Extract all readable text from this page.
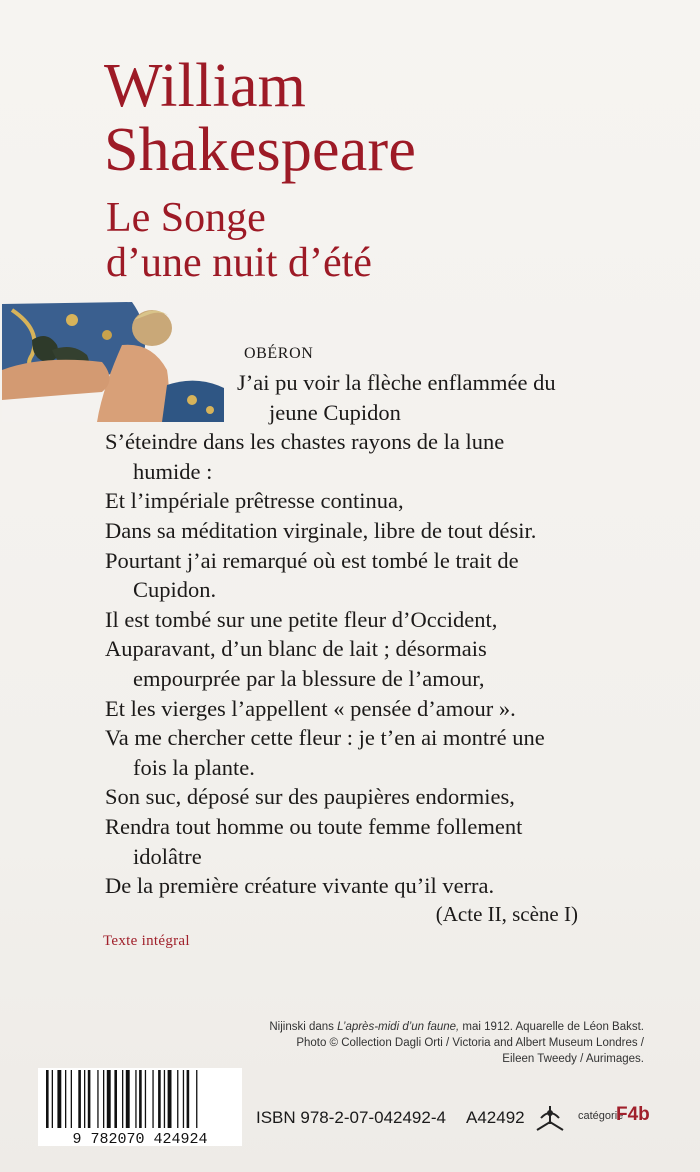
William
Shakespeare
Le Songe
d’une nuit d’été
OBÉRON
J’ai pu voir la flèche enflammée du
jeune Cupidon
S’éteindre dans les chastes rayons de la lune
humide :
Et l’impériale prêtresse continua,
Dans sa méditation virginale, libre de tout désir.
Pourtant j’ai remarqué où est tombé le trait de
Cupidon.
Il est tombé sur une petite fleur d’Occident,
Auparavant, d’un blanc de lait ; désormais
empourprée par la blessure de l’amour,
Et les vierges l’appellent « pensée d’amour ».
Va me chercher cette fleur : je t’en ai montré une
fois la plante.
Son suc, déposé sur des paupières endormies,
Rendra tout homme ou toute femme follement
idolâtre
De la première créature vivante qu’il verra.
(Acte II, scène I)
Texte intégral
Nijinski dans L’après-midi d’un faune, mai 1912. Aquarelle de Léon Bakst.
Photo © Collection Dagli Orti / Victoria and Albert Museum Londres /
Eileen Tweedy / Aurimages.
9 782070 424924
ISBN 978-2-07-042492-4 A42492	catégorie
F4b
